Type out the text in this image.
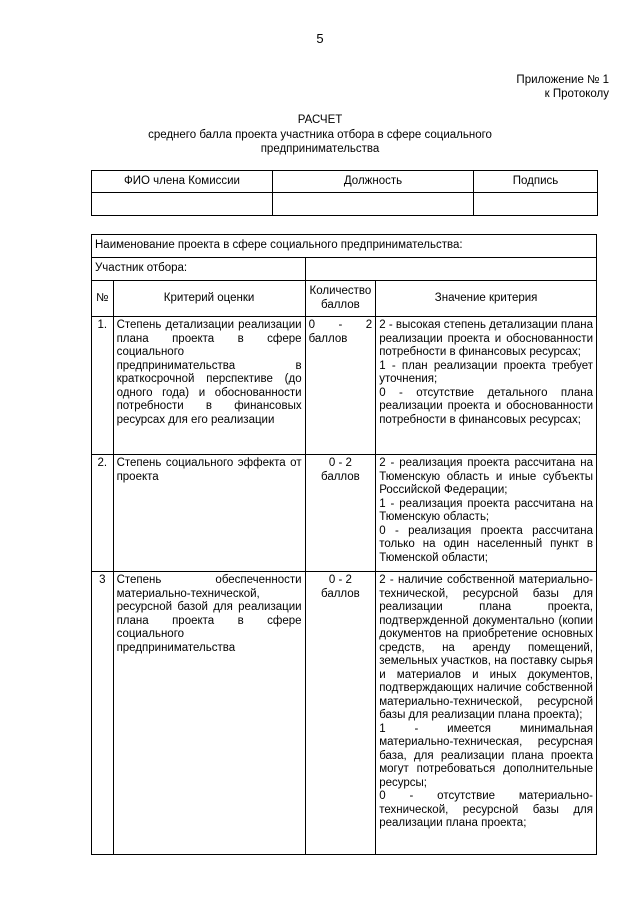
5
Приложение № 1
к Протоколу
РАСЧЕТ
среднего балла проекта участника отбора в сфере социального
предпринимательства
ФИО члена Комиссии	Должность	Подпись

Наименование проекта в сфере социального предпринимательства:			
Участник отбора:			
№	Критерий оценки	Количество баллов	Значение критерия
1.	Степень детализации реализации плана проекта в сфере социального предпринимательства в краткосрочной перспективе (до одного года) и обоснованности потребности в финансовых ресурсах для его реализации	0 - 2 баллов	2 - высокая степень детализации плана реализации проекта и обоснованности потребности в финансовых ресурсах;
1 - план реализации проекта требует уточнения;
0 - отсутствие детального плана реализации проекта и обоснованности потребности в финансовых ресурсах;

2.	Степень социального эффекта от проекта	0 - 2 баллов	2 - реализация проекта рассчитана на Тюменскую область и иные субъекты Российской Федерации;
1 - реализация проекта рассчитана на Тюменскую область;
0 - реализация проекта рассчитана только на один населенный пункт в Тюменской области;

3	Степень обеспеченности материально-технической, ресурсной базой для реализации плана проекта в сфере социального предпринимательства	0 - 2 баллов	2 - наличие собственной материально-технической, ресурсной базы для реализации плана проекта, подтвержденной документально (копии документов на приобретение основных средств, на аренду помещений, земельных участков, на поставку сырья и материалов и иных документов, подтверждающих наличие собственной материально-технической, ресурсной базы для реализации плана проекта);
1 - имеется минимальная материально-техническая, ресурсная база, для реализации плана проекта могут потребоваться дополнительные ресурсы;
0 - отсутствие материально-технической, ресурсной базы для реализации плана проекта;
